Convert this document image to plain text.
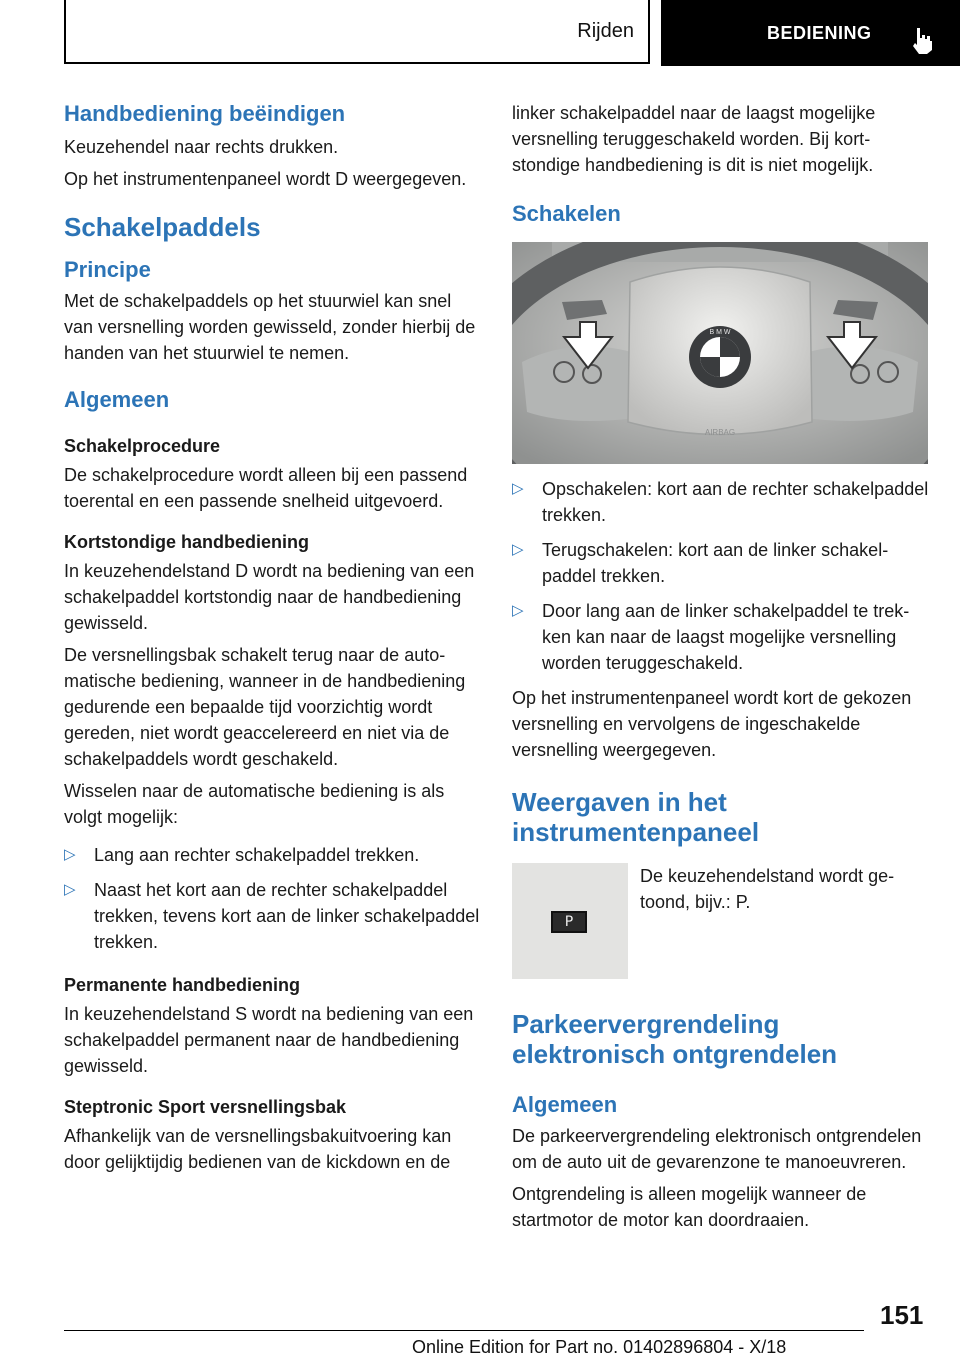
Rijden	BEDIENING
Handbediening beëindigen

Keuzehendel naar rechts drukken.

Op het instrumentenpaneel wordt D weergegeven.

Schakelpaddels
Principe

Met de schakelpaddels op het stuurwiel kan snel van versnelling worden gewisseld, zonder hierbij de handen van het stuurwiel te nemen.

Algemeen
Schakelprocedure

De schakelprocedure wordt alleen bij een passend toerental en een passende snelheid uitgevoerd.

Kortstondige handbediening

In keuzehendelstand D wordt na bediening van een schakelpaddel kortstondig naar de handbediening gewisseld.

De versnellingsbak schakelt terug naar de automatische bediening, wanneer in de handbediening gedurende een bepaalde tijd voorzichtig wordt gereden, niet wordt geaccelereerd en niet via de schakelpaddels wordt geschakeld.

Wisselen naar de automatische bediening is als volgt mogelijk:

▷ Lang aan rechter schakelpaddel trekken.
▷ Naast het kort aan de rechter schakelpaddel trekken, tevens kort aan de linker schakelpaddel trekken.
Permanente handbediening

In keuzehendelstand S wordt na bediening van een schakelpaddel permanent naar de handbediening gewisseld.

Steptronic Sport versnellingsbak

Afhankelijk van de versnellingsbakuitvoering kan door gelijktijdig bedienen van de kickdown en de

linker schakelpaddel naar de laagst mogelijke versnelling teruggeschakeld worden. Bij kortstondige handbediening is dit is niet mogelijk.

Schakelen
B M W
AIRBAG
▷ Opschakelen: kort aan de rechter schakelpaddel trekken.
▷ Terugschakelen: kort aan de linker schakelpaddel trekken.
▷ Door lang aan de linker schakelpaddel te trekken kan naar de laagst mogelijke versnelling worden teruggeschakeld.

Op het instrumentenpaneel wordt kort de gekozen versnelling en vervolgens de ingeschakelde versnelling weergegeven.

Weergaven in het instrumentenpaneel
P
De keuzehendelstand wordt getoond, bijv.: P.
Parkeervergrendeling elektronisch ontgrendelen
Algemeen

De parkeervergrendeling elektronisch ontgrendelen om de auto uit de gevarenzone te manoeuvreren.

Ontgrendeling is alleen mogelijk wanneer de startmotor de motor kan doordraaien.

151
Online Edition for Part no. 01402896804 - X/18
